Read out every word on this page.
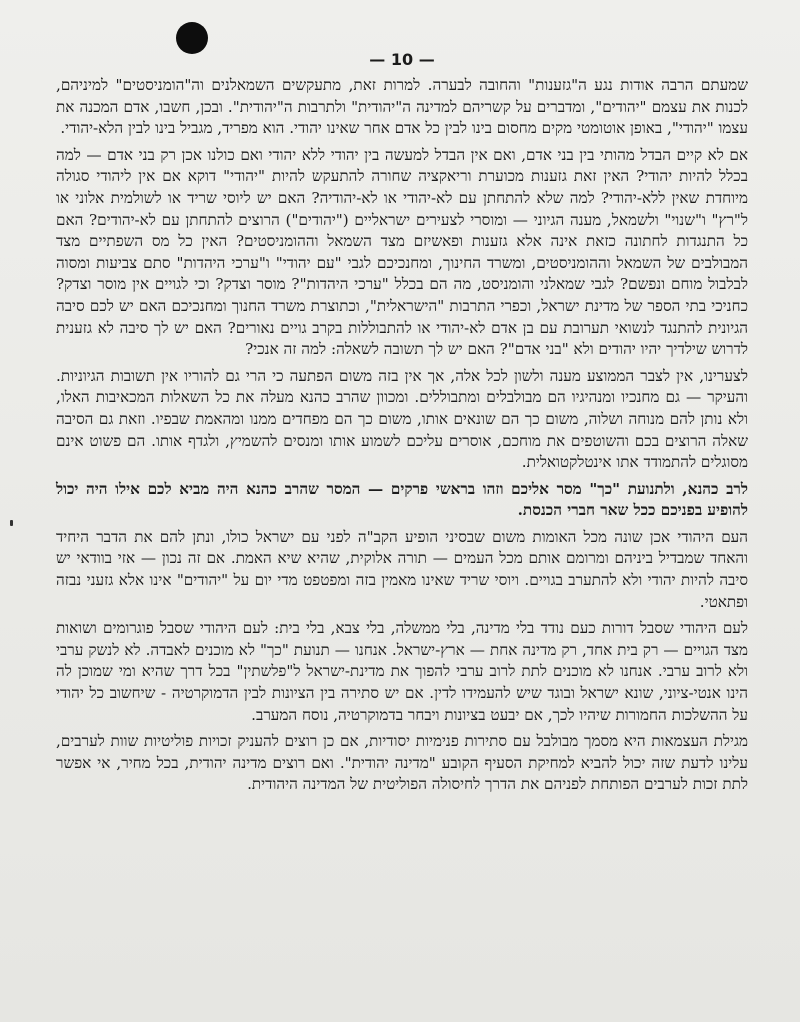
— 10 —

שמעתם הרבה אודות נגע ה"גזענות" והחובה לבערה. למרות זאת, מתעקשים השמאלנים וה"הומניסטים" למיניהם, לכנות את עצמם "יהודים", ומדברים על קשריהם למדינה ה"יהודית" ולתרבות ה"יהודית". ובכן, חשבו, אדם המכנה את עצמו "יהודי", באופן אוטומטי מקים מחסום בינו לבין כל אדם אחר שאינו יהודי. הוא מפריד, מגביל בינו לבין הלא-יהודי.

אם לא קיים הבדל מהותי בין בני אדם, ואם אין הבדל למעשה בין יהודי ללא יהודי ואם כולנו אכן רק בני אדם — למה בכלל להיות יהודי? האין זאת גזענות מכוערת וריאקציה שחורה להתעקש להיות "יהודי" דוקא אם אין ליהודי סגולה מיוחדת שאין ללא-יהודי? למה שלא להתחתן עם לא-יהודי או לא-יהודיה? האם יש ליוסי שריד או לשולמית אלוני או ל"רץ" ו"שנוי" ולשמאל, מענה הגיוני — ומוסרי לצעירים ישראליים ("יהודים") הרוצים להתחתן עם לא-יהודים? האם כל התנגדות לחתונה כזאת אינה אלא גזענות ופאשיזם מצד השמאל וההומניסטים? האין כל מס השפתיים מצד המבולבים של השמאל וההומניסטים, ומשרד החינוך, ומחנכיכם לגבי "עם יהודי" ו"ערכי היהדות" סתם צביעות ומסוה לבלבול מוחם ונפשם? לגבי שמאלני והומניסט, מה הם בכלל "ערכי היהדות"? מוסר וצדק? וכי לגויים אין מוסר וצדק? כחניכי בתי הספר של מדינת ישראל, וכפרי התרבות "הישראלית", וכתוצרת משרד החנוך ומחנכיכם האם יש לכם סיבה הגיונית להתנגד לנשואי תערובת עם בן אדם לא-יהודי או להתבוללות בקרב גויים נאורים? האם יש לך סיבה לא גזענית לדרוש שילדיך יהיו יהודים ולא "בני אדם"? האם יש לך תשובה לשאלה: למה זה אנכי?

לצערינו, אין לצבר הממוצע מענה ולשון לכל אלה, אך אין בזה משום הפתעה כי הרי גם להוריו אין תשובות הגיוניות. והעיקר — גם מחנכיו ומנהיגיו הם מבולבלים ומתבוללים. ומכוון שהרב כהנא מעלה את כל השאלות המכאיבות האלו, ולא נותן להם מנוחה ושלוה, משום כך הם שונאים אותו, משום כך הם מפחדים ממנו ומהאמת שבפיו. וזאת גם הסיבה שאלה הרוצים בכם והשוטפים את מוחכם, אוסרים עליכם לשמוע אותו ומנסים להשמיץ, ולגדף אותו. הם פשוט אינם מסוגלים להתמודד אתו אינטלקטואלית.

לרב כהנא, ולתנועת "כך" מסר אליכם וזהו בראשי פרקים — המסר שהרב כהנא היה מביא לכם אילו היה יכול להופיע בפניכם ככל שאר חברי הכנסת.

העם היהודי אכן שונה מכל האומות משום שבסיני הופיע הקב"ה לפני עם ישראל כולו, ונתן להם את הדבר היחיד והאחד שמבדיל ביניהם ומרומם אותם מכל העמים — תורה אלוקית, שהיא שיא האמת. אם זה נכון — אזי בוודאי יש סיבה להיות יהודי ולא להתערב בגויים. ויוסי שריד שאינו מאמין בזה ומפטפט מדי יום על "יהודים" אינו אלא גזעני נבזה ופתאטי.

לעם היהודי שסבל דורות כעם נודד בלי מדינה, בלי ממשלה, בלי צבא, בלי בית: לעם היהודי שסבל פוגרומים ושואות מצד הגויים — רק בית אחד, רק מדינה אחת — ארץ-ישראל. אנחנו — תנועת "כך" לא מוכנים לאבדה. לא לנשק ערבי ולא לרוב ערבי. אנחנו לא מוכנים לתת לרוב ערבי להפוך את מדינת-ישראל ל"פלשתין" בכל דרך שהיא ומי שמוכן לה הינו אנטי-ציוני, שונא ישראל ובוגד שיש להעמידו לדין. אם יש סתירה בין הציונות לבין הדמוקרטיה - שיחשוב כל יהודי על ההשלכות החמורות שיהיו לכך, אם יבעט בציונות ויבחר בדמוקרטיה, נוסח המערב.

מגילת העצמאות היא מסמך מבולבל עם סתירות פנימיות יסודיות, אם כן רוצים להעניק זכויות פוליטיות שוות לערבים, עלינו לדעת שזה יכול להביא למחיקת הסעיף הקובע "מדינה יהודית". ואם רוצים מדינה יהודית, בכל מחיר, אי אפשר לתת זכות לערבים הפותחת לפניהם את הדרך לחיסולה הפוליטית של המדינה היהודית.
